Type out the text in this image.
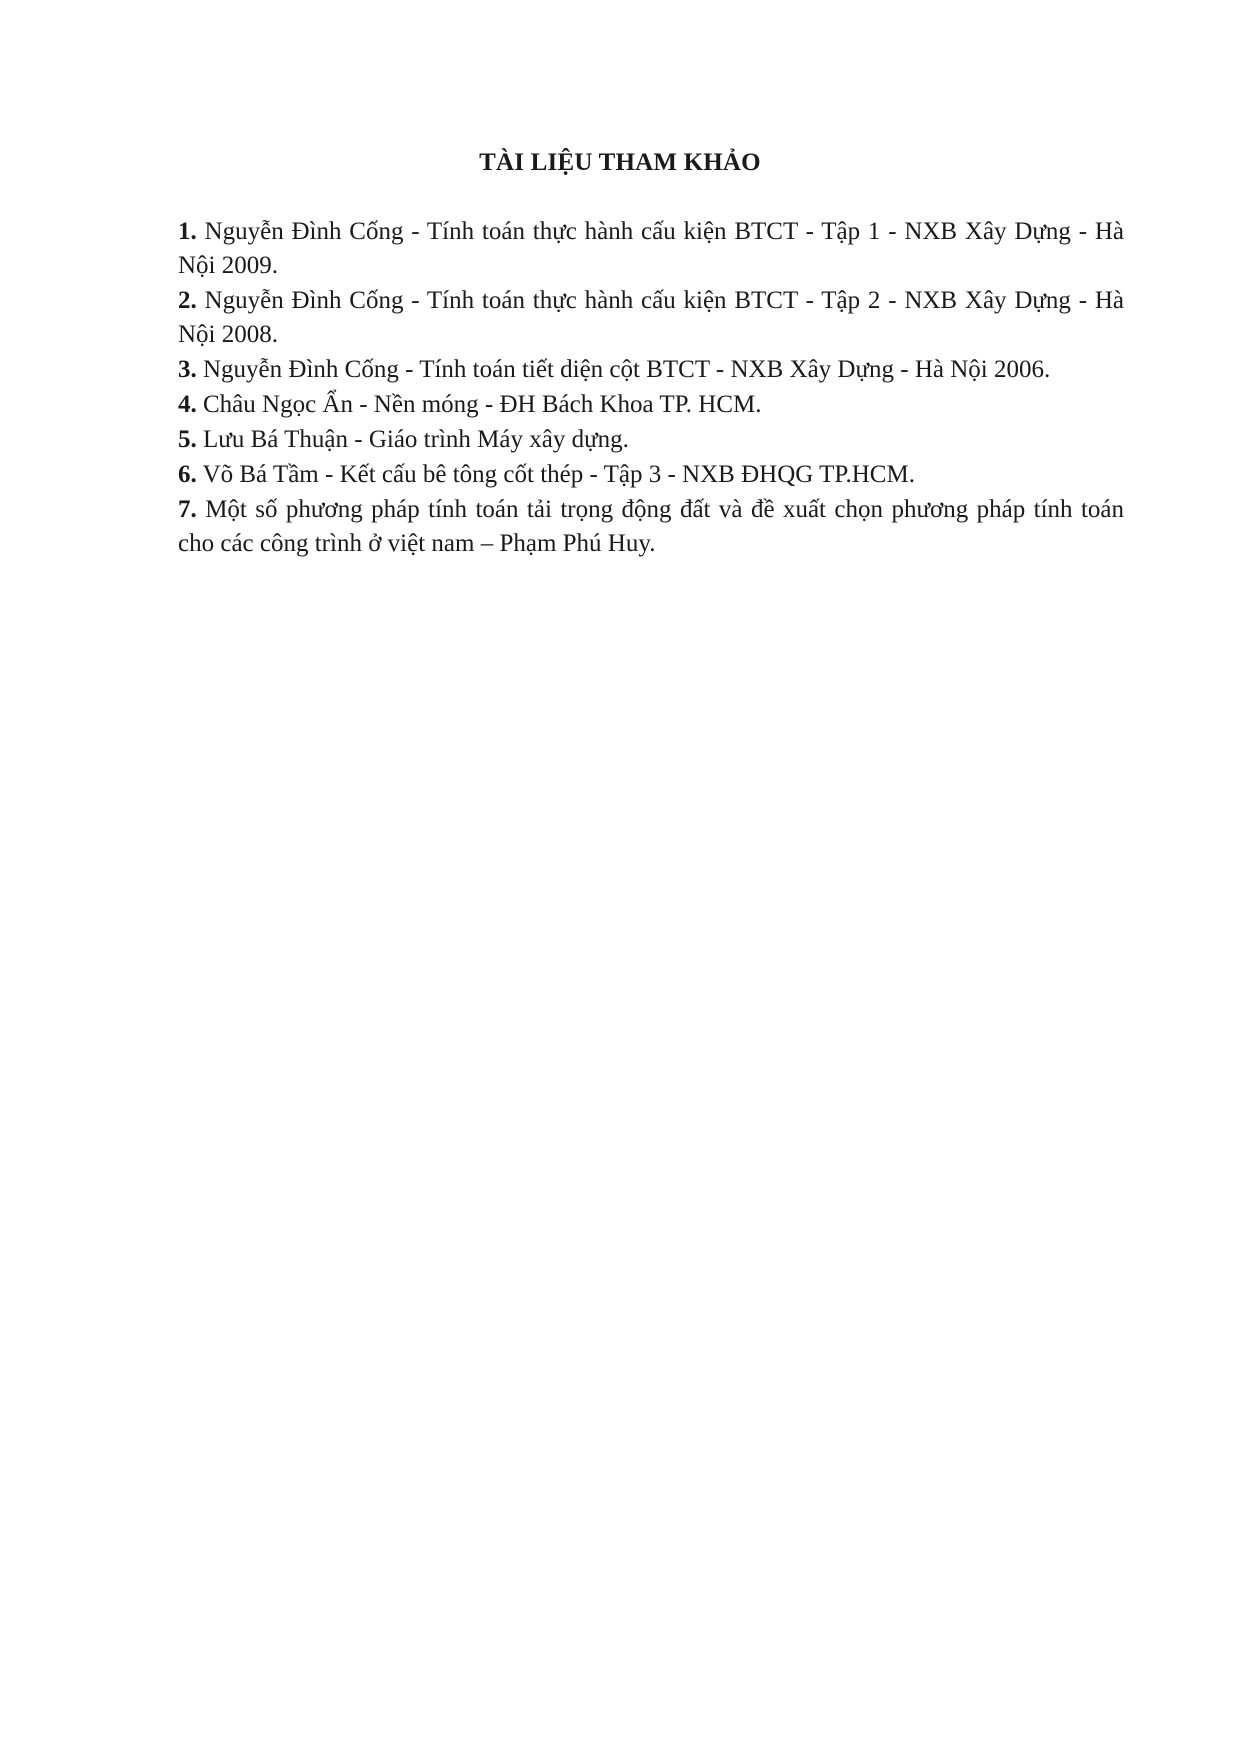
TÀI LIỆU THAM KHẢO
1. Nguyễn Đình Cống - Tính toán thực hành cấu kiện BTCT - Tập 1 - NXB Xây Dựng - Hà Nội 2009.
2. Nguyễn Đình Cống - Tính toán thực hành cấu kiện BTCT - Tập 2 - NXB Xây Dựng - Hà Nội 2008.
3. Nguyễn Đình Cống - Tính toán tiết diện cột BTCT - NXB Xây Dựng - Hà Nội 2006.
4. Châu Ngọc Ẩn - Nền móng - ĐH Bách Khoa TP. HCM.
5. Lưu Bá Thuận - Giáo trình Máy xây dựng.
6. Võ Bá Tầm - Kết cấu bê tông cốt thép - Tập 3 - NXB ĐHQG TP.HCM.
7. Một số phương pháp tính toán tải trọng động đất và đề xuất chọn phương pháp tính toán cho các công trình ở việt nam – Phạm Phú Huy.
